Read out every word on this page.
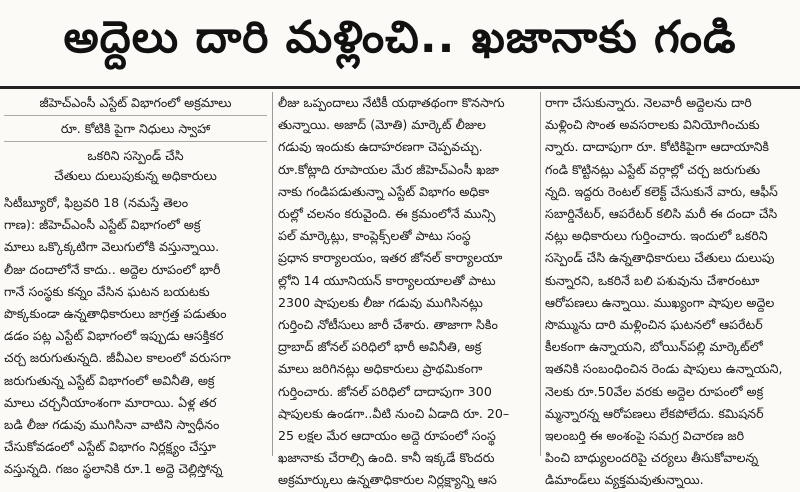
అద్దెలు దారి మళ్లించి.. ఖజానాకు గండి
జీహెచ్‌ఎంసీ ఎస్టేట్ విభాగంలో అక్రమాలు
రూ. కోటికి పైగా నిధులు స్వాహా
ఒకరిని సస్పెండ్ చేసి
చేతులు దులుపుకున్న అధికారులు
సిటీబ్యూరో, ఫిబ్రవరి 18 (నమస్తే తెలం
గాణ): జీహెచ్‌ఎంసీ ఎస్టేట్ విభాగంలో అక్ర
మాలు ఒక్కొక్కటిగా వెలుగులోకి వస్తున్నాయి.
లీజు దందాలోనే కాదు.. అద్దెల రూపంలో భారీ
గానే సంస్థకు కన్నం వేసిన ఘటన బయటకు
పొక్కకుండా ఉన్నతాధికారులు జాగ్రత్త పడుతుం
డడం పట్ల ఎస్టేట్ విభాగంలో ఇప్పుడు ఆసక్తికర
చర్చ జరుగుతున్నది. జీవీఎల కాలంలో వరుసగా
జరుగుతున్న ఎస్టేట్ విభాగంలో అవినీతి, అక్ర
మాలు చర్చనీయాంశంగా మారాయి. ఏళ్ల తర
బడి లీజు గడువు ముగిసినా వాటిని స్వాధీనం
చేసుకోవడంలో ఎస్టేట్ విభాగం నిర్లక్ష్యం చేస్తూ
వస్తున్నది. గజం స్థలానికి రూ.1 అద్దె చెల్లిస్తోన్న
లీజు ఒప్పందాలు నేటికీ యథాతథంగా కొనసాగు
తున్నాయి. అజాద్ (మోతి) మార్కెట్ లీజుల
గడువు ఇందుకు ఉదాహరణగా చెప్పవచ్చు.
రూ.కోట్లాది రూపాయల మేర జీహెచ్‌ఎంసీ ఖజా
నాకు గండిపడుతున్నా ఎస్టేట్ విభాగం అధికా
రుల్లో చలనం కరువైంది. ఈ క్రమంలోనే మున్సి
పల్ మార్కెట్లు, కాంప్లెక్స్‌లతో పాటు సంస్థ
ప్రధాన కార్యాలయం, ఇతర జోనల్ కార్యాలయా
ల్లోని 14 యూనియన్ కార్యాలయాలతో పాటు
2300 షాపులకు లీజు గడువు ముగిసినట్లు
గుర్తించి నోటీసులు జారీ చేశారు. తాజాగా సికిం
ద్రాబాద్ జోనల్ పరిధిలో భారీ అవినీతి, అక్ర
మాలు జరిగినట్లు అధికారులు ప్రాథమికంగా
గుర్తించారు. జోనల్ పరిధిలో దాదాపుగా 300
షాపులకు ఉండగా..వీటి నుంచి ఏడాది రూ. 20–
25 లక్షల మేర ఆదాయం అద్దె రూపంలో సంస్థ
ఖజానాకు చేరాల్సి ఉంది. కానీ ఇక్కడే కొందరు
అక్రమార్కులు ఉన్నతాధికారుల నిర్లక్ష్యాన్ని ఆస
రాగా చేసుకున్నారు. నెలవారీ అద్దెలను దారి
మళ్లించి సొంత అవసరాలకు వినియోగించుకు
న్నారు. దాదాపుగా రూ. కోటికిపైగా ఆదాయానికి
గండి కొట్టినట్లు ఎస్టేట్ వర్గాల్లో చర్చ జరుగుతు
న్నది. ఇద్దరు రెంటల్ కలెక్ట్ చేసుకునే వారు, ఆఫీస్
సబార్డినేటర్, ఆపరేటర్ కలిసి మరీ ఈ దందా చేసి
నట్లు అధికారులు గుర్తించారు. ఇందులో ఒకరిని
సస్పెండ్ చేసి ఉన్నతాధికారులు చేతులు దులుపు
కున్నారని, ఒకరినే బలి పశువును చేశారంటూ
ఆరోపణలు ఉన్నాయి. ముఖ్యంగా షాపుల అద్దెల
సొమ్మును దారి మళ్లించిన ఘటనలో ఆపరేటర్
కీలకంగా ఉన్నాయని, బోయిన్‌పల్లి మార్కెట్‌లో
ఇతనికి సంబంధించిన రెండు షాపులు ఉన్నాయని,
నెలకు రూ.50వేల వరకు అద్దెల రూపంలో అక్ర
మ్మన్నారన్న ఆరోపణలు లేకపోలేదు. కమిషనర్
ఇలంబర్తి ఈ అంశంపై సమగ్ర విచారణ జరి
పించి బాధ్యులందరిపై చర్యలు తీసుకోవాలన్న
డిమాండ్‌లు వ్యక్తమవుతున్నాయి.
